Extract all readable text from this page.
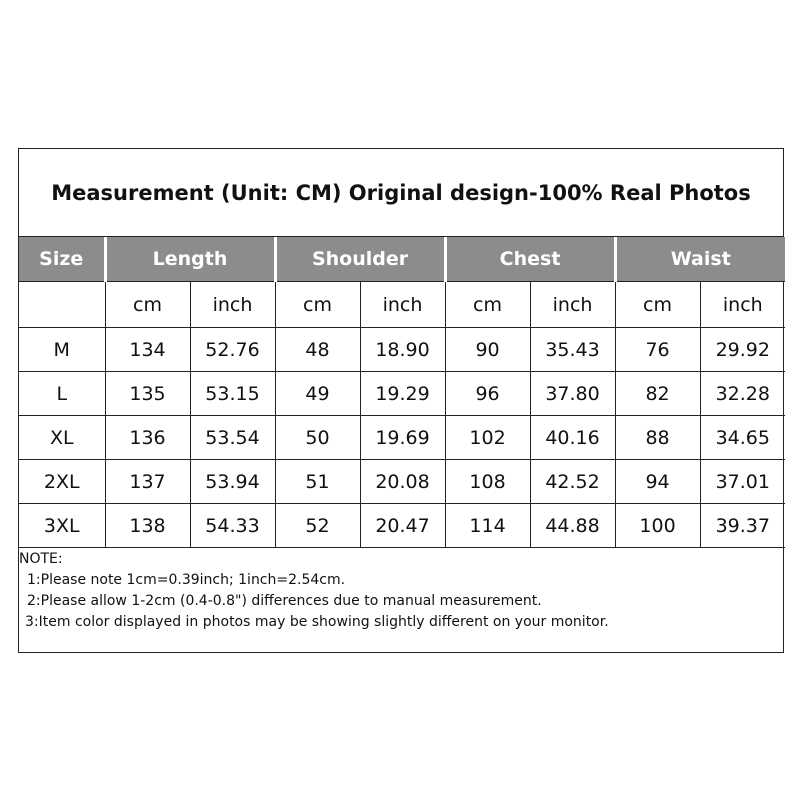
Measurement (Unit: CM) Original design-100% Real Photos
Size	Length		Shoulder		Chest		Waist	
	cm	inch	cm	inch	cm	inch	cm	inch
M	134	52.76	48	18.90	90	35.43	76	29.92
L	135	53.15	49	19.29	96	37.80	82	32.28
XL	136	53.54	50	19.69	102	40.16	88	34.65
2XL	137	53.94	51	20.08	108	42.52	94	37.01
3XL	138	54.33	52	20.47	114	44.88	100	39.37
NOTE:
1:Please note 1cm=0.39inch; 1inch=2.54cm.
2:Please allow 1-2cm (0.4-0.8") differences due to manual measurement.
3:Item color displayed in photos may be showing slightly different on your monitor.
